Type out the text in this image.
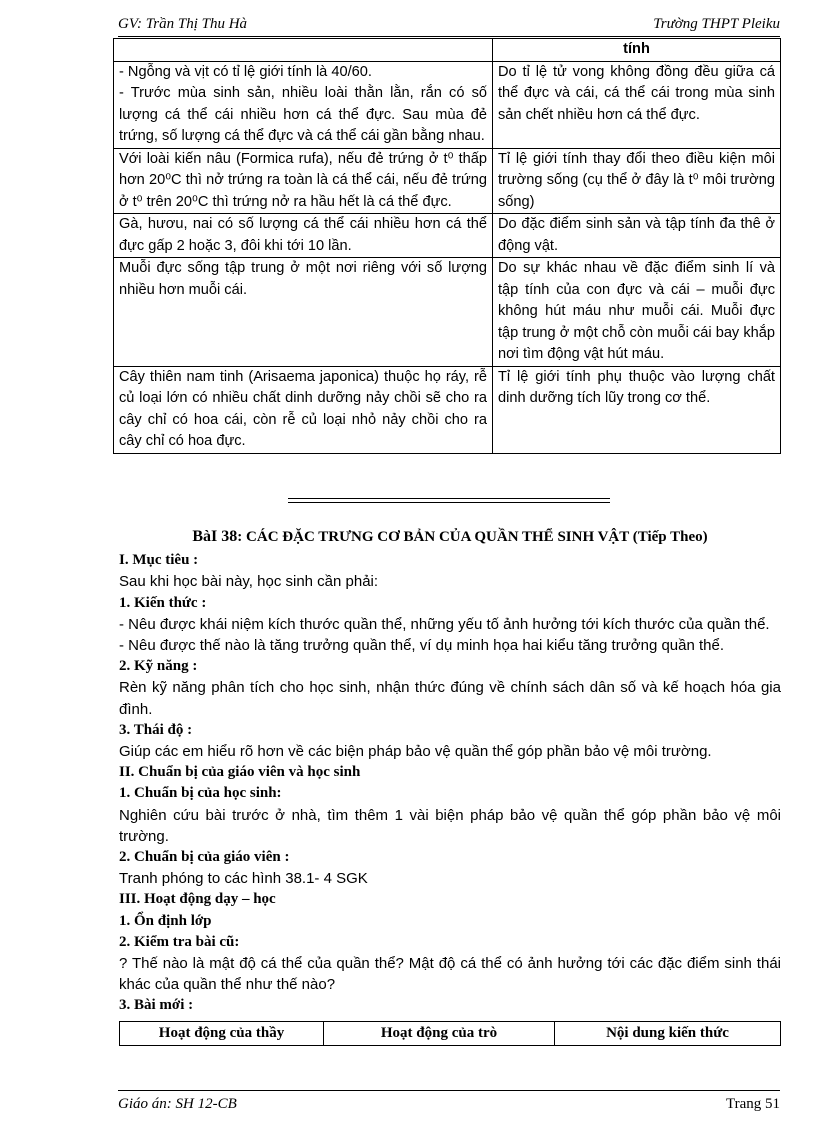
GV: Trần Thị Thu Hà	Trường THPT Pleiku
	tính
- Ngỗng và vịt có tỉ lệ giới tính là 40/60.
- Trước mùa sinh sản, nhiều loài thằn lằn, rắn có số lượng cá thể cái nhiều hơn cá thể đực. Sau mùa đẻ trứng, số lượng cá thể đực và cá thể cái gần bằng nhau.	Do tỉ lệ tử vong không đồng đều giữa cá thể đực và cái, cá thể cái trong mùa sinh sản chết nhiều hơn cá thể đực.
Với loài kiến nâu (Formica rufa), nếu đẻ trứng ở t⁰ thấp hơn 20⁰C thì nở trứng ra toàn là cá thể cái, nếu đẻ trứng ở t⁰ trên 20⁰C thì trứng nở ra hầu hết là cá thể đực.	Tỉ lệ giới tính thay đổi theo điều kiện môi trường sống (cụ thể ở đây là t⁰ môi trường sống)
Gà, hươu, nai có số lượng cá thể cái nhiều hơn cá thể đực gấp 2 hoặc 3, đôi khi tới 10 lần.	Do đặc điểm sinh sản và tập tính đa thê ở động vật.
Muỗi đực sống tập trung ở một nơi riêng với số lượng nhiều hơn muỗi cái.	Do sự khác nhau về đặc điểm sinh lí và tập tính của con đực và cái – muỗi đực không hút máu như muỗi cái. Muỗi đực tập trung ở một chỗ còn muỗi cái bay khắp nơi tìm động vật hút máu.
Cây thiên nam tinh (Arisaema japonica) thuộc họ ráy, rễ củ loại lớn có nhiều chất dinh dưỡng nảy chồi sẽ cho ra cây chỉ có hoa cái, còn rễ củ loại nhỏ nảy chồi cho ra cây chỉ có hoa đực.	Tỉ lệ giới tính phụ thuộc vào lượng chất dinh dưỡng tích lũy trong cơ thể.

BàI 38: CÁC ĐẶC TRƯNG CƠ BẢN CỦA QUẦN THỂ SINH VẬT (Tiếp Theo)

I. Mục tiêu :

Sau khi học bài này, học sinh cần phải:

1. Kiến thức :

- Nêu được khái niệm kích thước quần thể, những yếu tố ảnh hưởng tới kích thước của quần thể.

- Nêu được thế nào là tăng trưởng quần thể, ví dụ minh họa hai kiểu tăng trưởng quần thể.

2. Kỹ năng :

Rèn kỹ năng phân tích cho học sinh, nhận thức đúng về chính sách dân số và kế hoạch hóa gia đình.

3. Thái độ :

Giúp các em hiểu rõ hơn về các biện pháp bảo vệ quần thể góp phần bảo vệ môi trường.

II. Chuẩn bị của giáo viên và học sinh

1. Chuẩn bị của học sinh:

Nghiên cứu bài trước ở nhà, tìm thêm 1 vài biện pháp bảo vệ quần thể góp phần bảo vệ môi trường.

2. Chuẩn bị của giáo viên :

Tranh phóng to các hình 38.1- 4 SGK

III. Hoạt động dạy – học

1. Ổn định lớp

2. Kiểm tra bài cũ:

? Thế nào là mật độ cá thể của quần thể? Mật độ cá thể có ảnh hưởng tới các đặc điểm sinh thái khác của quần thể như thế nào?

3. Bài mới :

Hoạt động của thầy	Hoạt động của trò	Nội dung kiến thức
Giáo án: SH 12-CB	Trang 51
